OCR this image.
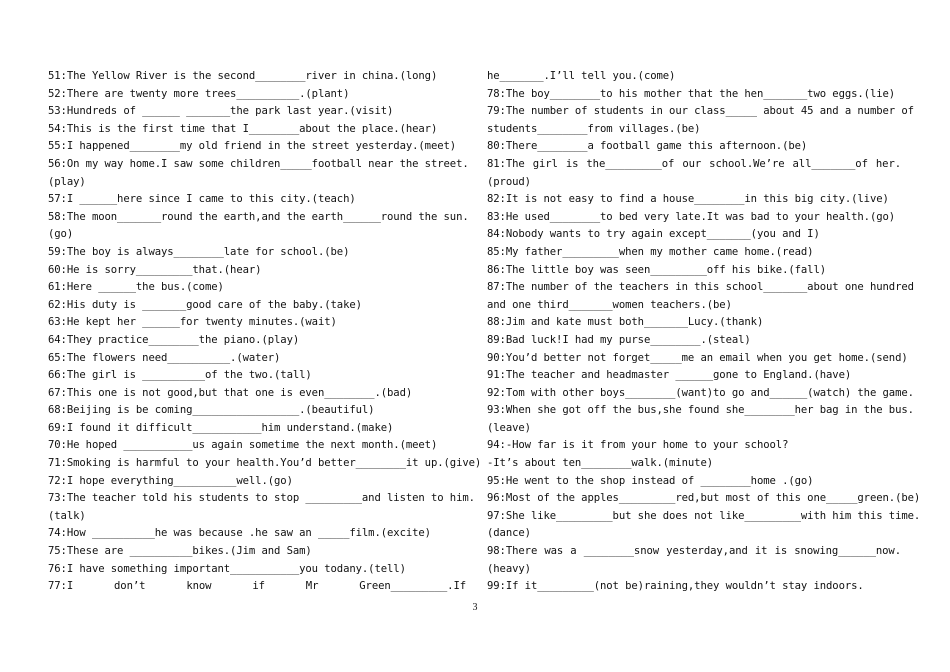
51:The Yellow River is the second________river in china.(long)
52:There are twenty more trees__________.(plant)
53:Hundreds of ______ _______the park last year.(visit)
54:This is the first time that I________about the place.(hear)
55:I happened________my old friend in the street yesterday.(meet)
56:On my way home.I saw some children_____football near the street.
(play)
57:I ______here since I came to this city.(teach)
58:The moon_______round the earth,and the earth______round the sun.
(go)
59:The boy is always________late for school.(be)
60:He is sorry_________that.(hear)
61:Here ______the bus.(come)
62:His duty is _______good care of the baby.(take)
63:He kept her ______for twenty minutes.(wait)
64:They practice________the piano.(play)
65:The flowers need__________.(water)
66:The girl is __________of the two.(tall)
67:This one is not good,but that one is even________.(bad)
68:Beijing is be coming_________________.(beautiful)
69:I found it difficult___________him understand.(make)
70:He hoped ___________us again sometime the next month.(meet)
71:Smoking is harmful to your health.You’d better________it up.(give)
72:I hope everything__________well.(go)
73:The teacher told his students to stop _________and listen to him.
(talk)
74:How __________he was because .he saw an _____film.(excite)
75:These are __________bikes.(Jim and Sam)
76:I have something important___________you todany.(tell)
77:I don’t know if Mr Green_________.If
he_______.I’ll tell you.(come)
78:The boy________to his mother that the hen_______two eggs.(lie)
79:The number of students in our class_____ about 45 and a number of
students________from villages.(be)
80:There________a football game this afternoon.(be)
81:The girl is the_________of our school.We’re all_______of her.
(proud)
82:It is not easy to find a house________in this big city.(live)
83:He used________to bed very late.It was bad to your health.(go)
84:Nobody wants to try again except_______(you and I)
85:My father_________when my mother came home.(read)
86:The little boy was seen_________off his bike.(fall)
87:The number of the teachers in this school_______about one hundred
and one third_______women teachers.(be)
88:Jim and kate must both_______Lucy.(thank)
89:Bad luck!I had my purse________.(steal)
90:You’d better not forget_____me an email when you get home.(send)
91:The teacher and headmaster ______gone to England.(have)
92:Tom with other boys________(want)to go and______(watch) the game.
93:When she got off the bus,she found she________her bag in the bus.
(leave)
94:-How far is it from your home to your school?
-It’s about ten________walk.(minute)
95:He went to the shop instead of ________home .(go)
96:Most of the apples_________red,but most of this one_____green.(be)
97:She like_________but she does not like_________with him this time.
(dance)
98:There was a ________snow yesterday,and it is snowing______now.
(heavy)
99:If it_________(not be)raining,they wouldn’t stay indoors.
3
